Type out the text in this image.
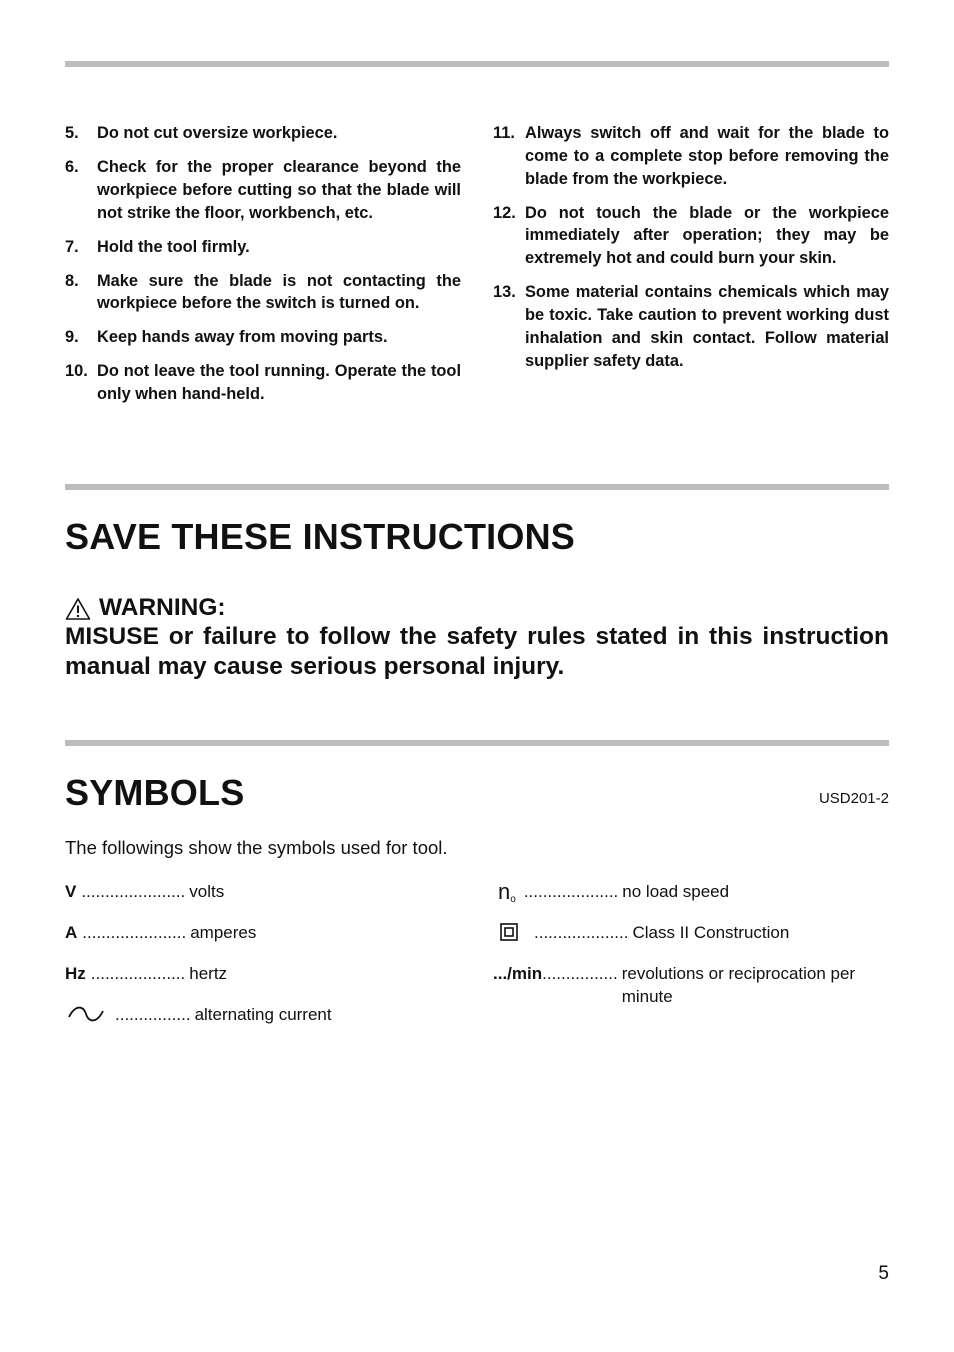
5.	Do not cut oversize workpiece.
6.	Check for the proper clearance beyond the workpiece before cutting so that the blade will not strike the floor, workbench, etc.
7.	Hold the tool firmly.
8.	Make sure the blade is not contacting the workpiece before the switch is turned on.
9.	Keep hands away from moving parts.
10. Do not leave the tool running. Operate the tool only when hand-held.
11. Always switch off and wait for the blade to come to a complete stop before removing the blade from the workpiece.
12. Do not touch the blade or the workpiece immediately after operation; they may be extremely hot and could burn your skin.
13. Some material contains chemicals which may be toxic. Take caution to prevent working dust inhalation and skin contact. Follow material supplier safety data.
SAVE THESE INSTRUCTIONS
WARNING:
MISUSE or failure to follow the safety rules stated in this instruction manual may cause serious personal injury.
SYMBOLS	USD201-2
The followings show the symbols used for tool.
V ...................... volts
A ...................... amperes
Hz .................... hertz
................ alternating current
no .................... no load speed
.................... Class II Construction
.../min ................ revolutions or reciprocation per minute
5
